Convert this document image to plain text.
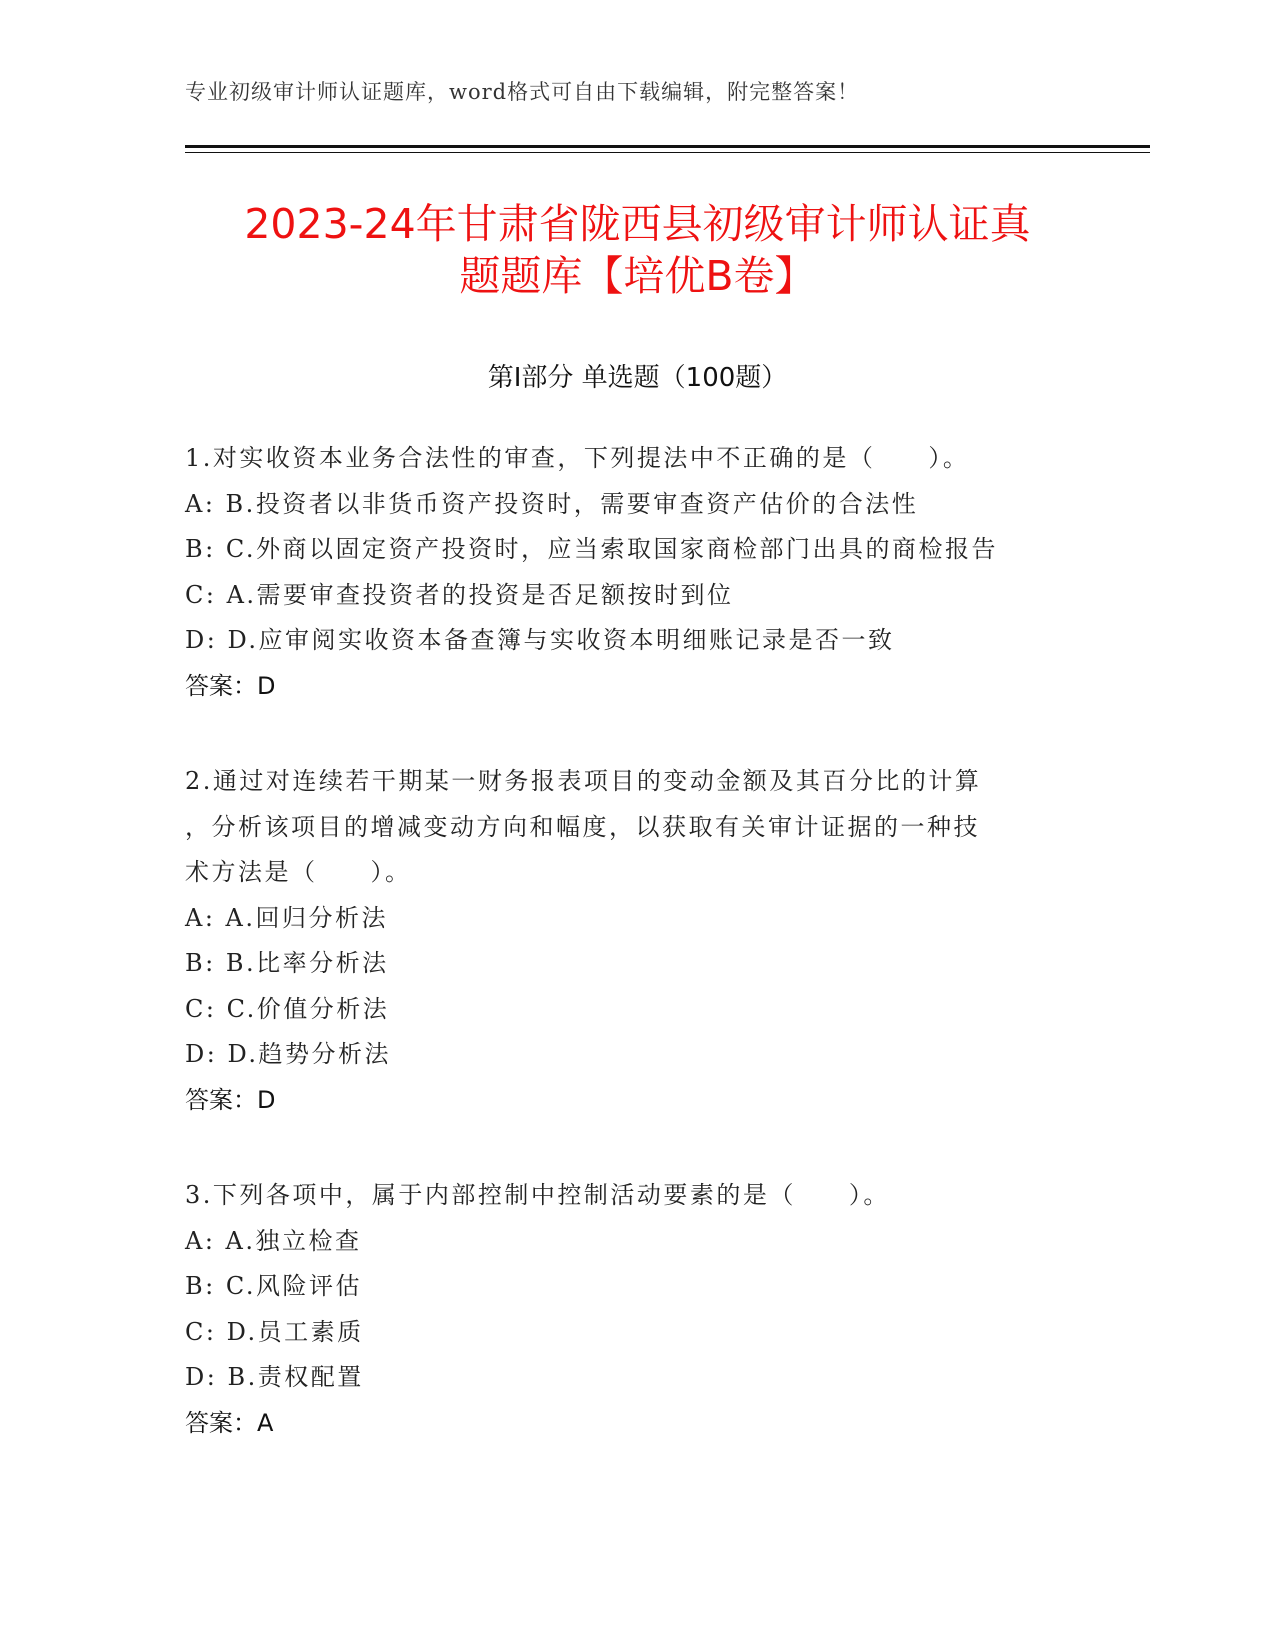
专业初级审计师认证题库，word格式可自由下载编辑，附完整答案！
2023-24年甘肃省陇西县初级审计师认证真
题题库【培优B卷】
第Ⅰ部分 单选题（100题）
1.对实收资本业务合法性的审查，下列提法中不正确的是（　　）。
A: B.投资者以非货币资产投资时，需要审查资产估价的合法性
B: C.外商以固定资产投资时，应当索取国家商检部门出具的商检报告
C: A.需要审查投资者的投资是否足额按时到位
D: D.应审阅实收资本备查簿与实收资本明细账记录是否一致
答案：D
2.通过对连续若干期某一财务报表项目的变动金额及其百分比的计算
，分析该项目的增减变动方向和幅度，以获取有关审计证据的一种技
术方法是（　　）。
A: A.回归分析法
B: B.比率分析法
C: C.价值分析法
D: D.趋势分析法
答案：D
3.下列各项中，属于内部控制中控制活动要素的是（　　）。
A: A.独立检查
B: C.风险评估
C: D.员工素质
D: B.责权配置
答案：A
